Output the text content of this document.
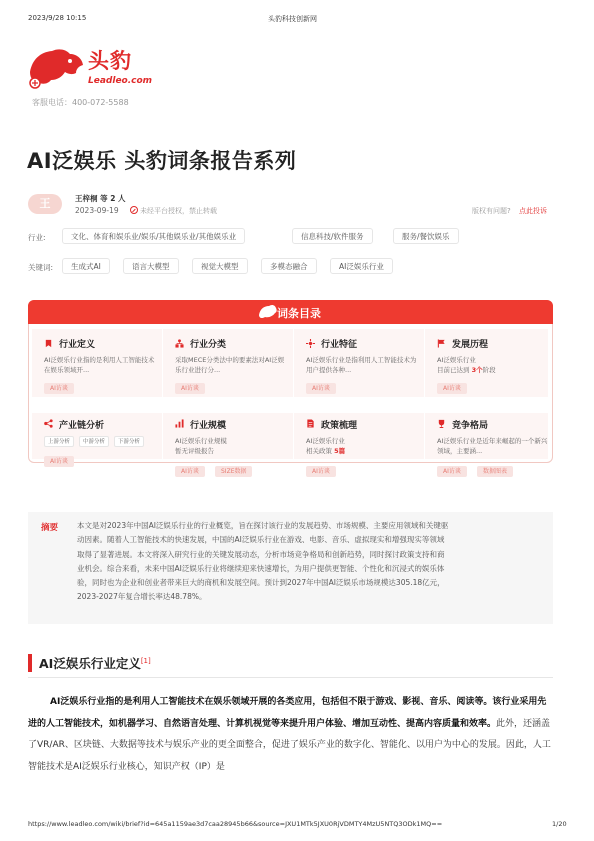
2023/9/28 10:15	头豹科技创新网
头豹
Leadleo.com
客服电话：400-072-5588
AI泛娱乐 头豹词条报告系列
王	王梓桐 等 2 人
2023-09-19	未经平台授权，禁止转载	版权有问题? 点此投诉
行业:	文化、体育和娱乐业/娱乐/其他娱乐业/其他娱乐业	信息科技/软件服务	服务/餐饮娱乐
关键词:	生成式AI	语言大模型	视觉大模型	多模态融合	AI泛娱乐行业
词条目录
行业定义
AI泛娱乐行业指的是利用人工智能技术在娱乐领域开...
AI访谈
行业分类
采取MECE分类法中的要素法对AI泛娱乐行业进行分...
AI访谈
行业特征
AI泛娱乐行业是指利用人工智能技术为用户提供各种...
AI访谈
发展历程
AI泛娱乐行业
目前已达到 3个阶段
AI访谈
产业链分析
上游分析	中游分析	下游分析
AI访谈
行业规模
AI泛娱乐行业规模
暂无评级报告
AI访谈	SIZE数据
政策梳理
AI泛娱乐行业
相关政策 5篇
AI访谈
竞争格局
AI泛娱乐行业是近年来崛起的一个新兴领域，主要涵...
AI访谈	数据图表
摘要	本文是对2023年中国AI泛娱乐行业的行业概览，旨在探讨该行业的发展趋势、市场规模、主要应用领域和关键驱
动因素。随着人工智能技术的快速发展，中国的AI泛娱乐行业在游戏、电影、音乐、虚拟现实和增强现实等领域
取得了显著进展。本文将深入研究行业的关键发展动态，分析市场竞争格局和创新趋势，同时探讨政策支持和商
业机会。综合来看，未来中国AI泛娱乐行业将继续迎来快速增长，为用户提供更智能、个性化和沉浸式的娱乐体
验，同时也为企业和创业者带来巨大的商机和发展空间。预计到2027年中国AI泛娱乐市场规模达305.18亿元，
2023-2027年复合增长率达48.78%。
AI泛娱乐行业定义[1]
AI泛娱乐行业指的是利用人工智能技术在娱乐领域开展的各类应用，包括但不限于游戏、影视、音乐、阅读等。该行业采用先进的人工智能技术，如机器学习、自然语言处理、计算机视觉等来提升用户体验、增加互动性、提高内容质量和效率。此外，还涵盖了VR/AR、区块链、大数据等技术与娱乐产业的更全面整合，促进了娱乐产业的数字化、智能化、以用户为中心的发展。因此，人工智能技术是AI泛娱乐行业核心，知识产权（IP）是
https://www.leadleo.com/wiki/brief?id=645a1159ae3d7caa28945b66&source=JXU1MTk5JXU0RjVDMTY4MzU5NTQ3ODk1MQ==	1/20
